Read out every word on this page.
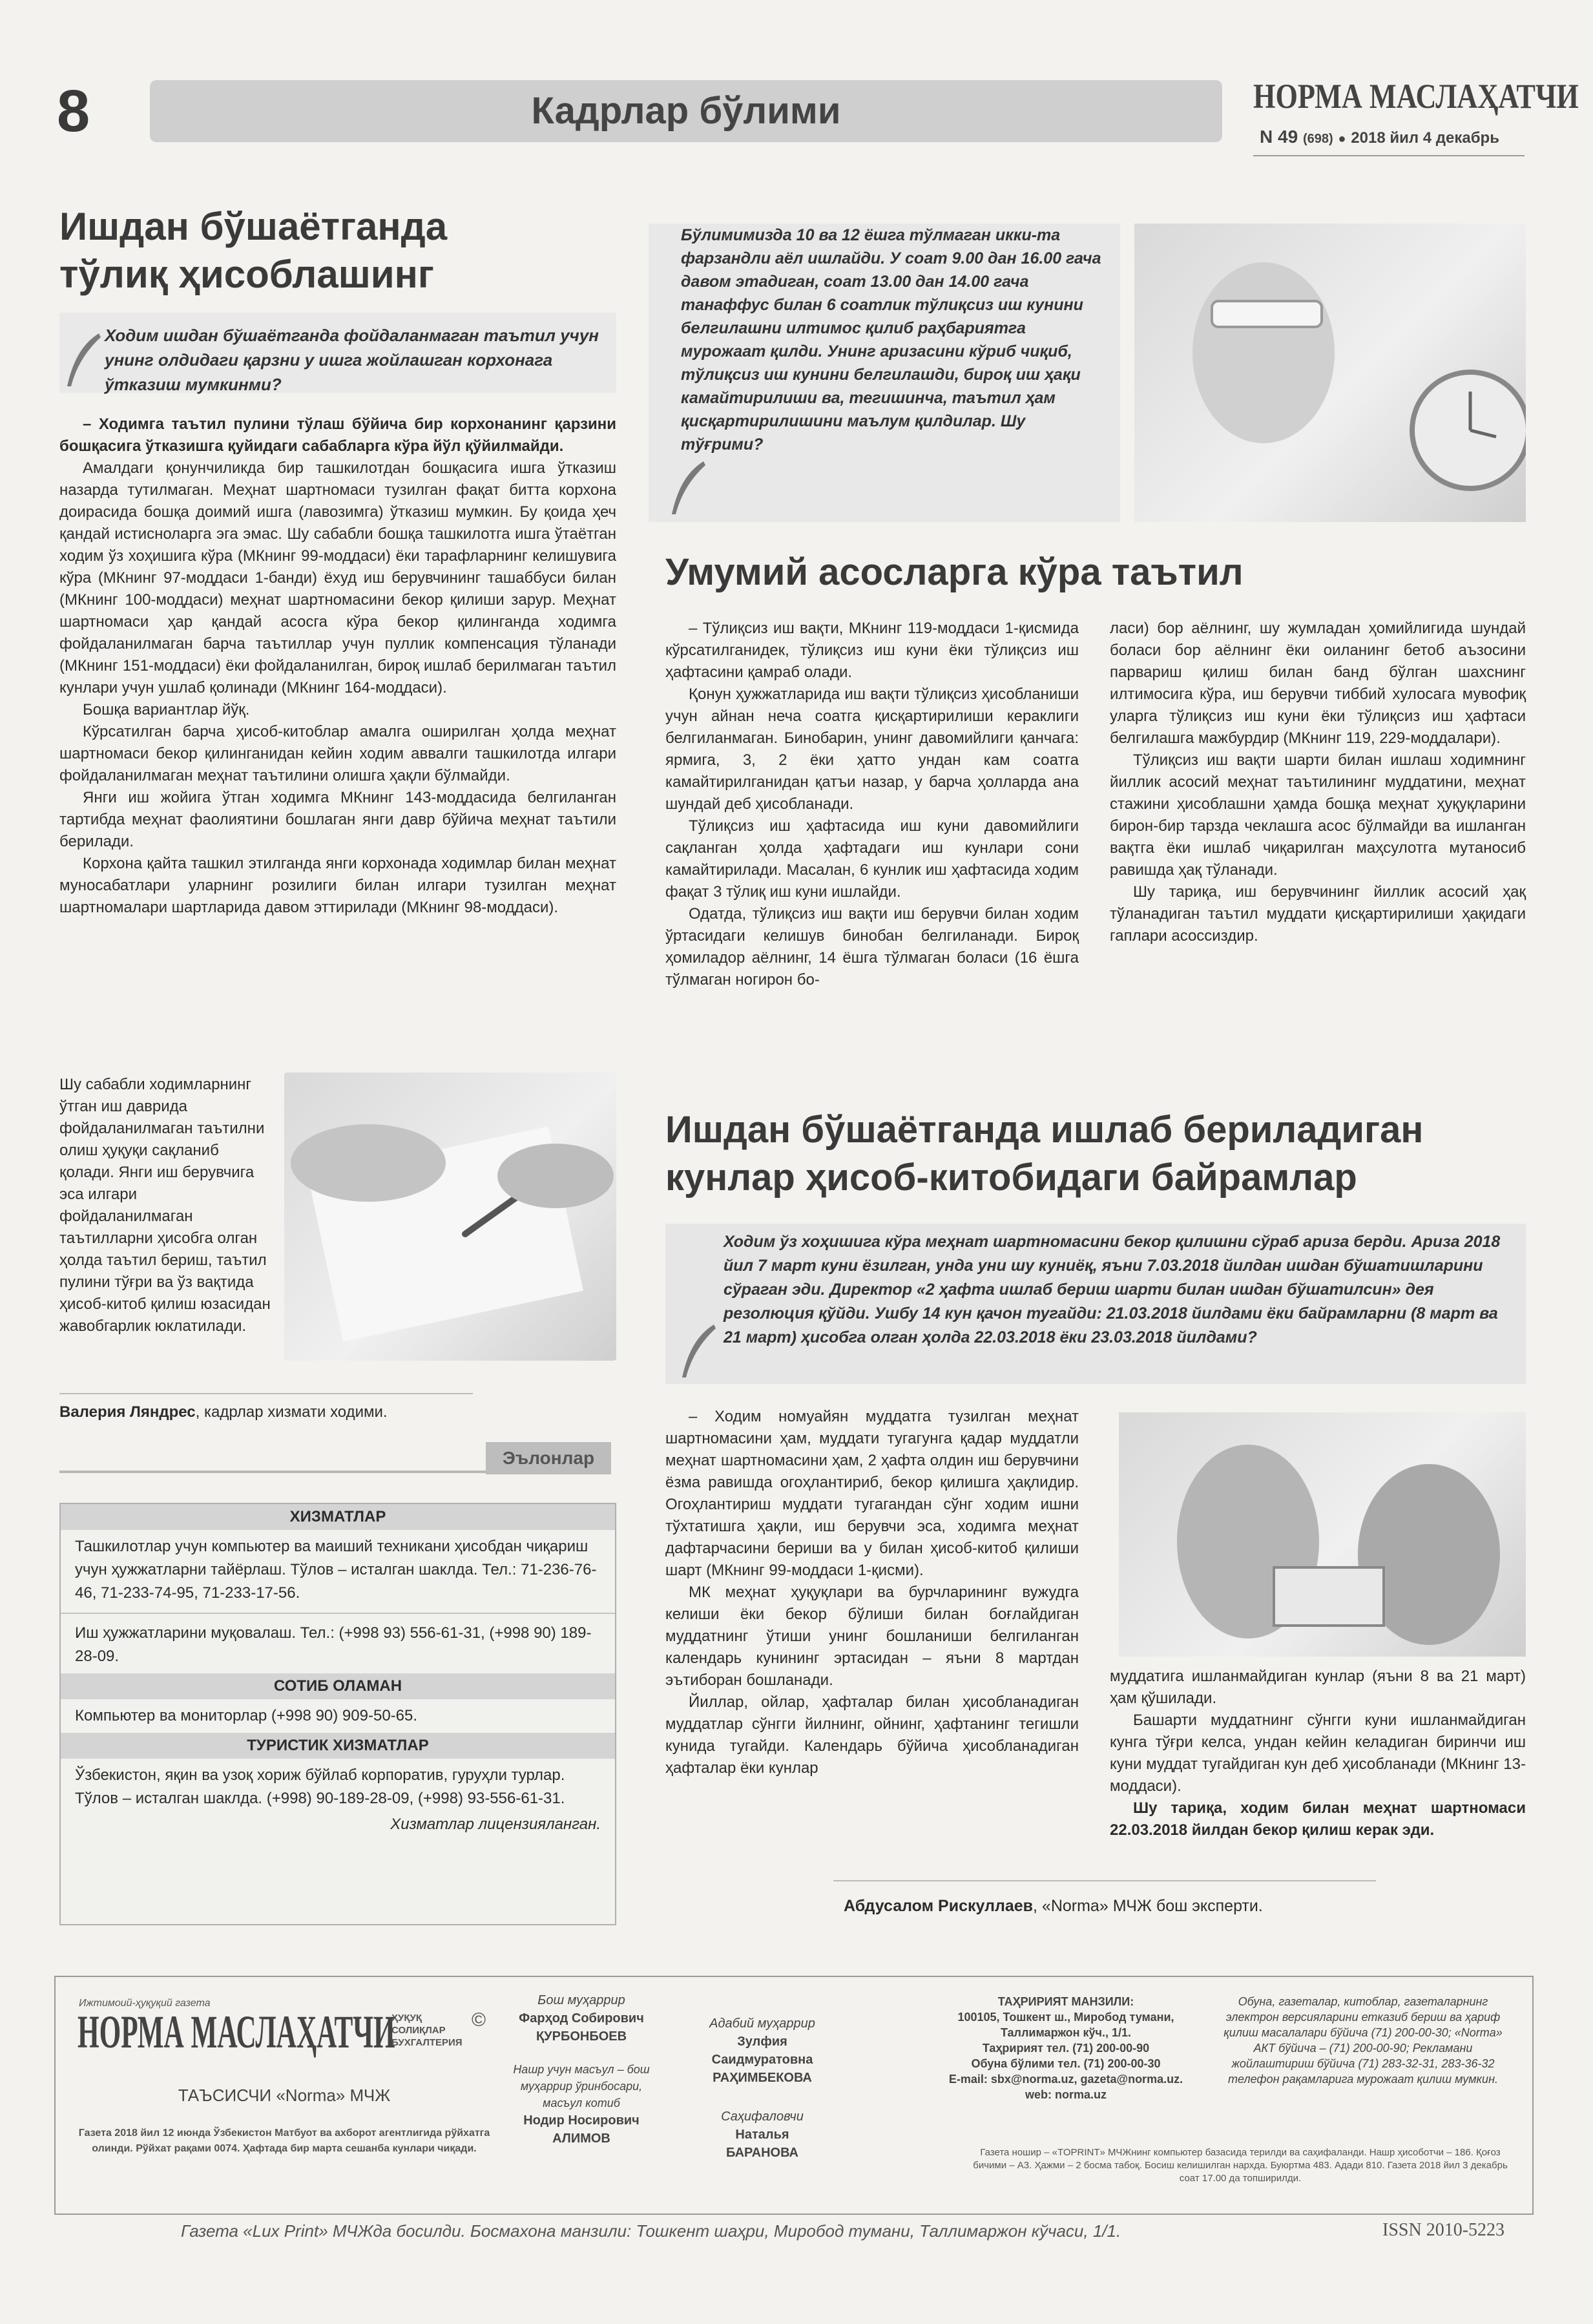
8	Кадрлар бўлими	НОРМА МАСЛАҲАТЧИ
N 49 (698) ● 2018 йил 4 декабрь
Ишдан бўшаётганда
тўлиқ ҳисоблашинг
Ходим ишдан бўшаётганда фойдаланмаган таътил учун унинг олдидаги қарзни у ишга жойлашган корхонага ўтказиш мумкинми?

– Ходимга таътил пулини тўлаш бўйича бир корхонанинг қарзини бошқасига ўтказишга қуйидаги сабабларга кўра йўл қўйилмайди.

Амалдаги қонунчиликда бир ташкилотдан бошқасига ишга ўтказиш назарда тутилмаган. Меҳнат шартномаси тузилган фақат битта корхона доирасида бошқа доимий ишга (лавозимга) ўтказиш мумкин. Бу қоида ҳеч қандай истисноларга эга эмас. Шу сабабли бошқа ташкилотга ишга ўтаётган ходим ўз хоҳишига кўра (МКнинг 99-моддаси) ёки тарафларнинг келишувига кўра (МКнинг 97-моддаси 1-банди) ёхуд иш берувчининг ташаббуси билан (МКнинг 100-моддаси) меҳнат шартномасини бекор қилиши зарур. Меҳнат шартномаси ҳар қандай асосга кўра бекор қилинганда ходимга фойдаланилмаган барча таътиллар учун пуллик компенсация тўланади (МКнинг 151-моддаси) ёки фойдаланилган, бироқ ишлаб берилмаган таътил кунлари учун ушлаб қолинади (МКнинг 164-моддаси).

Бошқа вариантлар йўқ.

Кўрсатилган барча ҳисоб-китоблар амалга оширилган ҳолда меҳнат шартномаси бекор қилинганидан кейин ходим аввалги ташкилотда илгари фойдаланилмаган меҳнат таътилини олишга ҳақли бўлмайди.

Янги иш жойига ўтган ходимга МКнинг 143-моддасида белгиланган тартибда меҳнат фаолиятини бошлаган янги давр бўйича меҳнат таътили берилади.

Корхона қайта ташкил этилганда янги корхонада ходимлар билан меҳнат муносабатлари уларнинг розилиги билан илгари тузилган меҳнат шартномалари шартларида давом эттирилади (МКнинг 98-моддаси).

Шу сабабли ходимларнинг ўтган иш даврида фойдаланилмаган таътилни олиш ҳуқуқи сақланиб қолади. Янги иш берувчига эса илгари фойдаланилмаган таътилларни ҳисобга олган ҳолда таътил бериш, таътил пулини тўғри ва ўз вақтида ҳисоб-китоб қилиш юзасидан жавобгарлик юклатилади.

Валерия Ляндрес, кадрлар хизмати ходими.
Эълонлар
ХИЗМАТЛАР
Ташкилотлар учун компьютер ва маиший техникани ҳисобдан чиқариш учун ҳужжатларни тайёрлаш. Тўлов – исталган шаклда. Тел.: 71-236-76-46, 71-233-74-95, 71-233-17-56.
Иш ҳужжатларини муқовалаш. Тел.: (+998 93) 556-61-31, (+998 90) 189-28-09.
СОТИБ ОЛАМАН
Компьютер ва мониторлар (+998 90) 909-50-65.
ТУРИСТИК ХИЗМАТЛАР
Ўзбекистон, яқин ва узоқ хориж бўйлаб корпоратив, гуруҳли турлар. Тўлов – исталган шаклда. (+998) 90-189-28-09, (+998) 93-556-61-31.
Хизматлар лицензияланган.
Бўлимимизда 10 ва 12 ёшга тўлмаган икки-та фарзандли аёл ишлайди. У соат 9.00 дан 16.00 гача давом этадиган, соат 13.00 дан 14.00 гача танаффус билан 6 соатлик тўлиқсиз иш кунини белгилашни илтимос қилиб раҳбариятга мурожаат қилди. Унинг аризасини кўриб чиқиб, тўлиқсиз иш кунини белгилашди, бироқ иш ҳақи камайтирилиши ва, тегишинча, таътил ҳам қисқартирилишини маълум қилдилар. Шу тўғрими?
Умумий асосларга кўра таътил

– Тўлиқсиз иш вақти, МКнинг 119-моддаси 1-қисмида кўрсатилганидек, тўлиқсиз иш куни ёки тўлиқсиз иш ҳафтасини қамраб олади.

Қонун ҳужжатларида иш вақти тўлиқсиз ҳисобланиши учун айнан неча соатга қисқартирилиши кераклиги белгиланмаган. Бинобарин, унинг давомийлиги қанчага: ярмига, 3, 2 ёки ҳатто ундан кам соатга камайтирилганидан қатъи назар, у барча ҳолларда ана шундай деб ҳисобланади.

Тўлиқсиз иш ҳафтасида иш куни давомийлиги сақланган ҳолда ҳафтадаги иш кунлари сони камайтирилади. Масалан, 6 кунлик иш ҳафтасида ходим фақат 3 тўлиқ иш куни ишлайди.

Одатда, тўлиқсиз иш вақти иш берувчи билан ходим ўртасидаги келишув бинобан белгиланади. Бироқ ҳомиладор аёлнинг, 14 ёшга тўлмаган боласи (16 ёшга тўлмаган ногирон бо-

ласи) бор аёлнинг, шу жумладан ҳомийлигида шундай боласи бор аёлнинг ёки оиланинг бетоб аъзосини парвариш қилиш билан банд бўлган шахснинг илтимосига кўра, иш берувчи тиббий хулосага мувофиқ уларга тўлиқсиз иш куни ёки тўлиқсиз иш ҳафтаси белгилашга мажбурдир (МКнинг 119, 229-моддалари).

Тўлиқсиз иш вақти шарти билан ишлаш ходимнинг йиллик асосий меҳнат таътилининг муддатини, меҳнат стажини ҳисоблашни ҳамда бошқа меҳнат ҳуқуқларини бирон-бир тарзда чеклашга асос бўлмайди ва ишланган вақтга ёки ишлаб чиқарилган маҳсулотга мутаносиб равишда ҳақ тўланади.

Шу тариқа, иш берувчининг йиллик асосий ҳақ тўланадиган таътил муддати қисқартирилиши ҳақидаги гаплари асоссиздир.

Ишдан бўшаётганда ишлаб бериладиган
кунлар ҳисоб-китобидаги байрамлар
Ходим ўз хоҳишига кўра меҳнат шартномасини бекор қилишни сўраб ариза берди. Ариза 2018 йил 7 март куни ёзилган, унда уни шу куниёқ, яъни 7.03.2018 йилдан ишдан бўшатишларини сўраган эди. Директор «2 ҳафта ишлаб бериш шарти билан ишдан бўшатилсин» дея резолюция қўйди. Ушбу 14 кун қачон тугайди: 21.03.2018 йилдами ёки байрамларни (8 март ва 21 март) ҳисобга олган ҳолда 22.03.2018 ёки 23.03.2018 йилдами?

– Ходим номуайян муддатга тузилган меҳнат шартномасини ҳам, муддати тугагунга қадар муддатли меҳнат шартномасини ҳам, 2 ҳафта олдин иш берувчини ёзма равишда огоҳлантириб, бекор қилишга ҳақлидир. Огоҳлантириш муддати тугагандан сўнг ходим ишни тўхтатишга ҳақли, иш берувчи эса, ходимга меҳнат дафтарчасини бериши ва у билан ҳисоб-китоб қилиши шарт (МКнинг 99-моддаси 1-қисми).

МК меҳнат ҳуқуқлари ва бурчларининг вужудга келиши ёки бекор бўлиши билан боғлайдиган муддатнинг ўтиши унинг бошланиши белгиланган календарь кунининг эртасидан – яъни 8 мартдан эътиборан бошланади.

Йиллар, ойлар, ҳафталар билан ҳисобланадиган муддатлар сўнгги йилнинг, ойнинг, ҳафтанинг тегишли кунида тугайди. Календарь бўйича ҳисобланадиган ҳафталар ёки кунлар

муддатига ишланмайдиган кунлар (яъни 8 ва 21 март) ҳам қўшилади.

Башарти муддатнинг сўнгги куни ишланмайдиган кунга тўғри келса, ундан кейин келадиган биринчи иш куни муддат тугайдиган кун деб ҳисобланади (МКнинг 13-моддаси).

Шу тариқа, ходим билан меҳнат шартномаси 22.03.2018 йилдан бекор қилиш керак эди.

Абдусалом Рискуллаев, «Norma» МЧЖ бош эксперти.
Ижтимоий-ҳуқуқий газета
НОРМА МАСЛАҲАТЧИ
ҲУҚУҚ СОЛИҚЛАР БУХГАЛТЕРИЯ
©
ТАЪСИСЧИ «Norma» МЧЖ
Газета 2018 йил 12 июнда Ўзбекистон Матбуот ва ахборот агентлигида рўйхатга олинди. Рўйхат рақами 0074. Ҳафтада бир марта сешанба кунлари чиқади.
Бош муҳаррир
Фарҳод Собирович
ҚУРБОНБОЕВ
Нашр учун масъул – бош муҳаррир ўринбосари, масъул котиб
Нодир Носирович
АЛИМОВ
Адабий муҳаррир
Зулфия
Саидмуратовна
РАҲИМБЕКОВА
Саҳифаловчи
Наталья
БАРАНОВА
ТАҲРИРИЯТ МАНЗИЛИ:
100105, Тошкент ш., Миробод тумани, Таллимаржон кўч., 1/1.
Таҳририят тел. (71) 200-00-90
Обуна бўлими тел. (71) 200-00-30
E-mail: sbx@norma.uz, gazeta@norma.uz.
web: norma.uz
Обуна, газеталар, китоблар, газеталарнинг электрон версияларини етказиб бериш ва ҳариф қилиш масалалари бўйича (71) 200-00-30; «Norma» АКТ бўйича – (71) 200-00-90; Рекламани жойлаштириш бўйича (71) 283-32-31, 283-36-32 телефон рақамларига мурожаат қилиш мумкин.
Газета ношир – «TOPRINT» МЧЖнинг компьютер базасида терилди ва саҳифаланди. Нашр ҳисоботчи – 186. Қоғоз бичими – А3. Ҳажми – 2 босма табоқ. Босиш келишилган нархда. Буюртма 483. Адади 810. Газета 2018 йил 3 декабрь соат 17.00 да топширилди.
Газета «Lux Print» МЧЖда босилди. Босмахона манзили: Тошкент шаҳри, Миробод тумани, Таллимаржон кўчаси, 1/1.	ISSN 2010-5223
